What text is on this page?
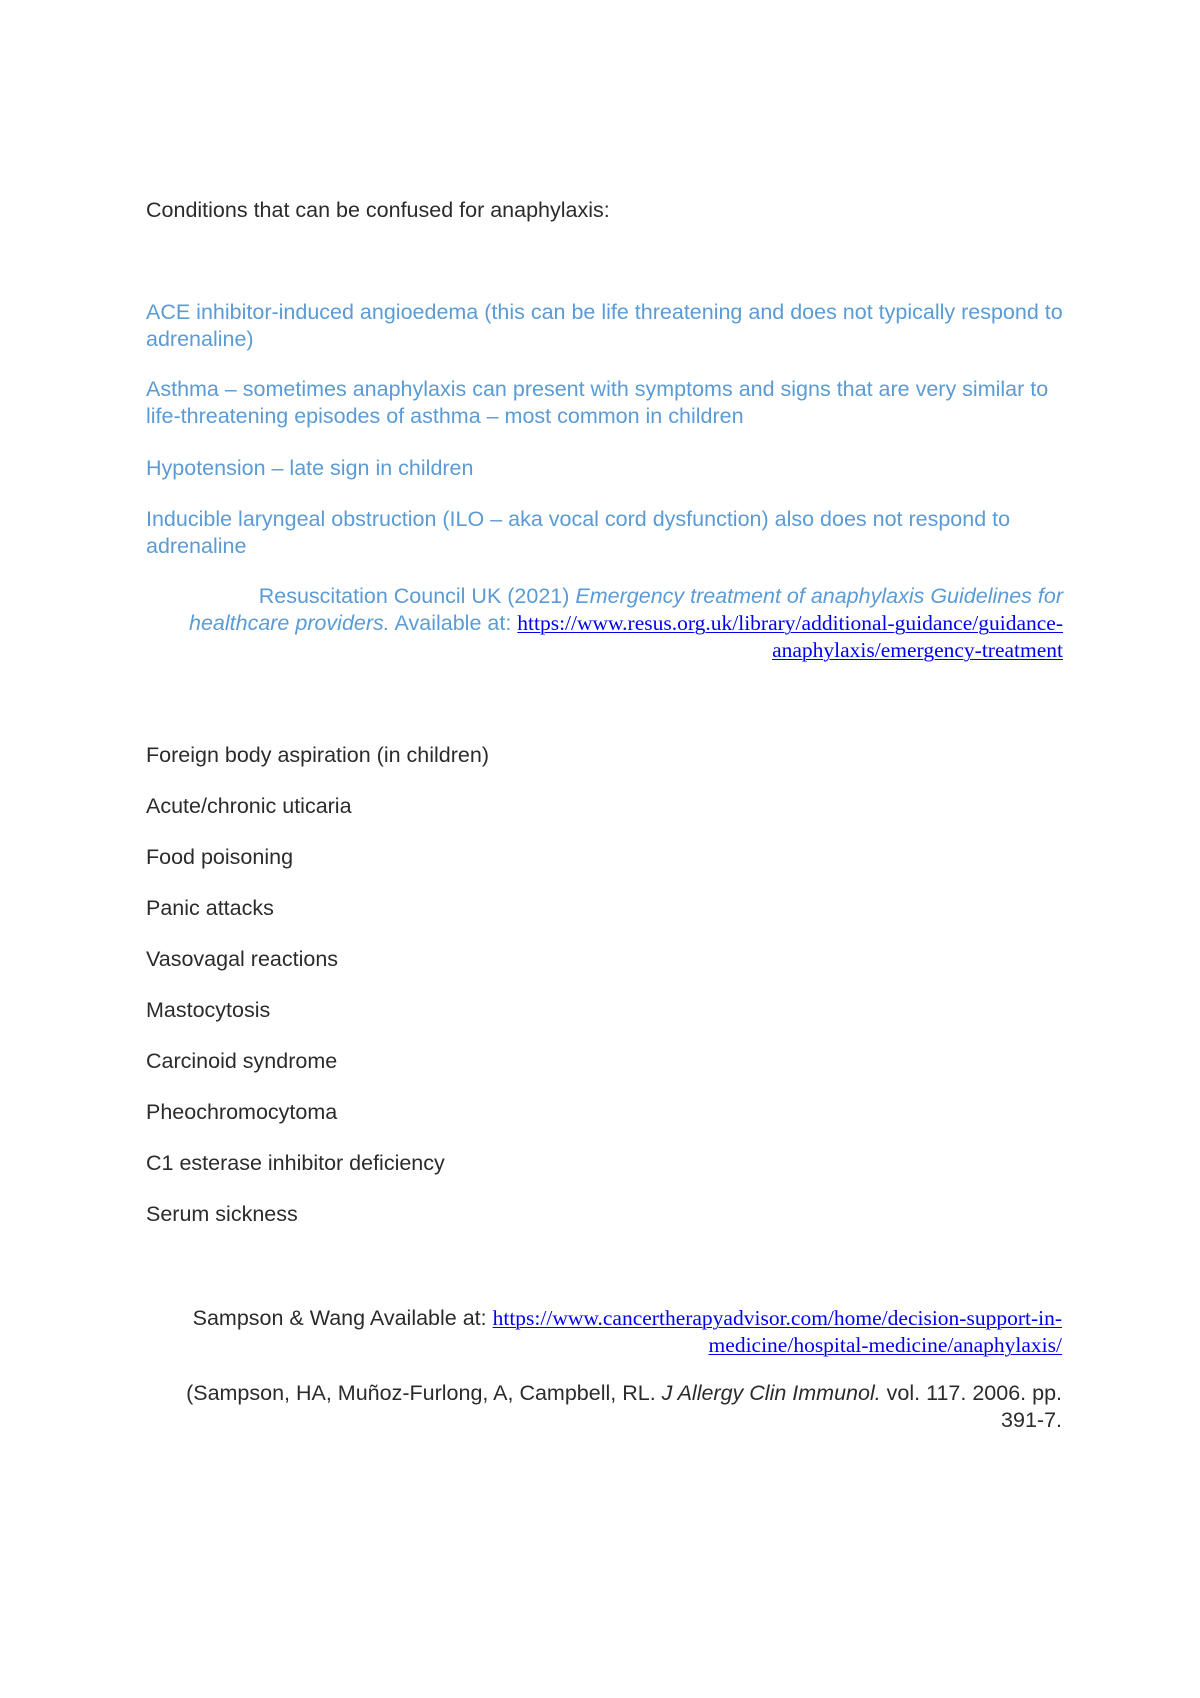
Conditions that can be confused for anaphylaxis:

ACE inhibitor-induced angioedema (this can be life threatening and does not typically respond to adrenaline)

Asthma – sometimes anaphylaxis can present with symptoms and signs that are very similar to life-threatening episodes of asthma – most common in children

Hypotension – late sign in children

Inducible laryngeal obstruction (ILO – aka vocal cord dysfunction) also does not respond to adrenaline

Resuscitation Council UK (2021) Emergency treatment of anaphylaxis Guidelines for healthcare providers. Available at: https://www.resus.org.uk/library/additional-guidance/guidance-anaphylaxis/emergency-treatment

Foreign body aspiration (in children)
Acute/chronic uticaria
Food poisoning
Panic attacks
Vasovagal reactions
Mastocytosis
Carcinoid syndrome
Pheochromocytoma
C1 esterase inhibitor deficiency
Serum sickness

Sampson & Wang Available at: https://www.cancertherapyadvisor.com/home/decision-support-in-medicine/hospital-medicine/anaphylaxis/

(Sampson, HA, Muñoz-Furlong, A, Campbell, RL. J Allergy Clin Immunol. vol. 117. 2006. pp. 391-7.
